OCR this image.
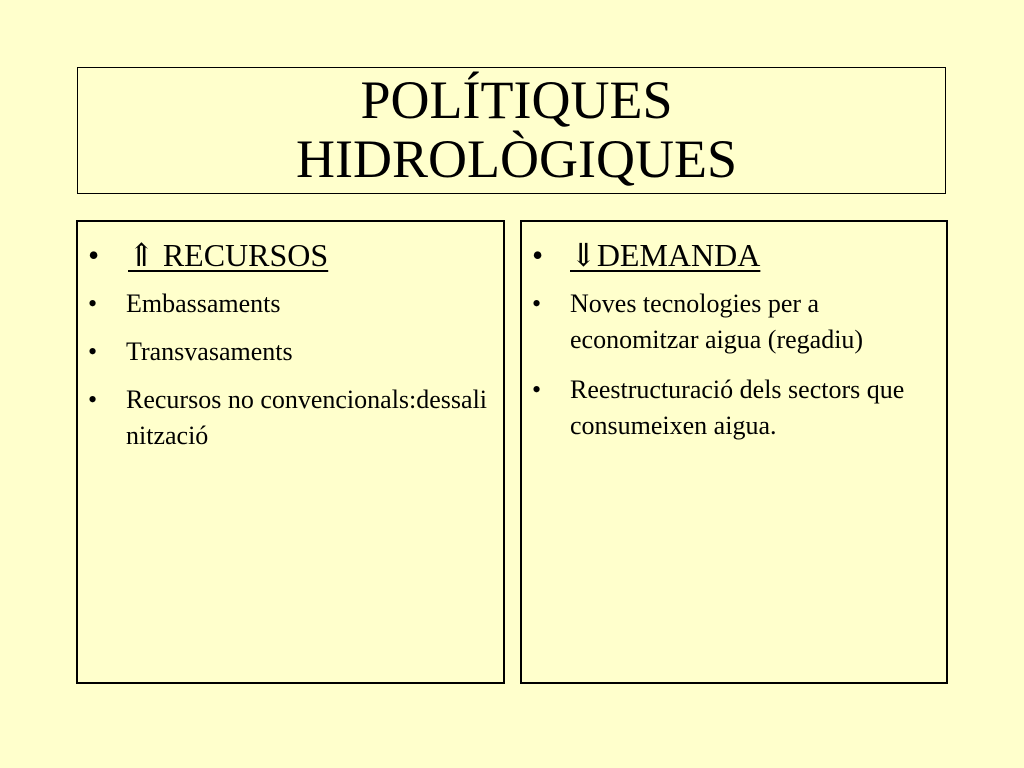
POLÍTIQUES
HIDROLÒGIQUES
• ⇑ RECURSOS
•	Embassaments
•	Transvasaments
•	Recursos no convencionals:dessalinització
• ⇓DEMANDA
•	Noves tecnologies per a economitzar aigua (regadiu)
•	Reestructuració dels sectors que consumeixen aigua.
